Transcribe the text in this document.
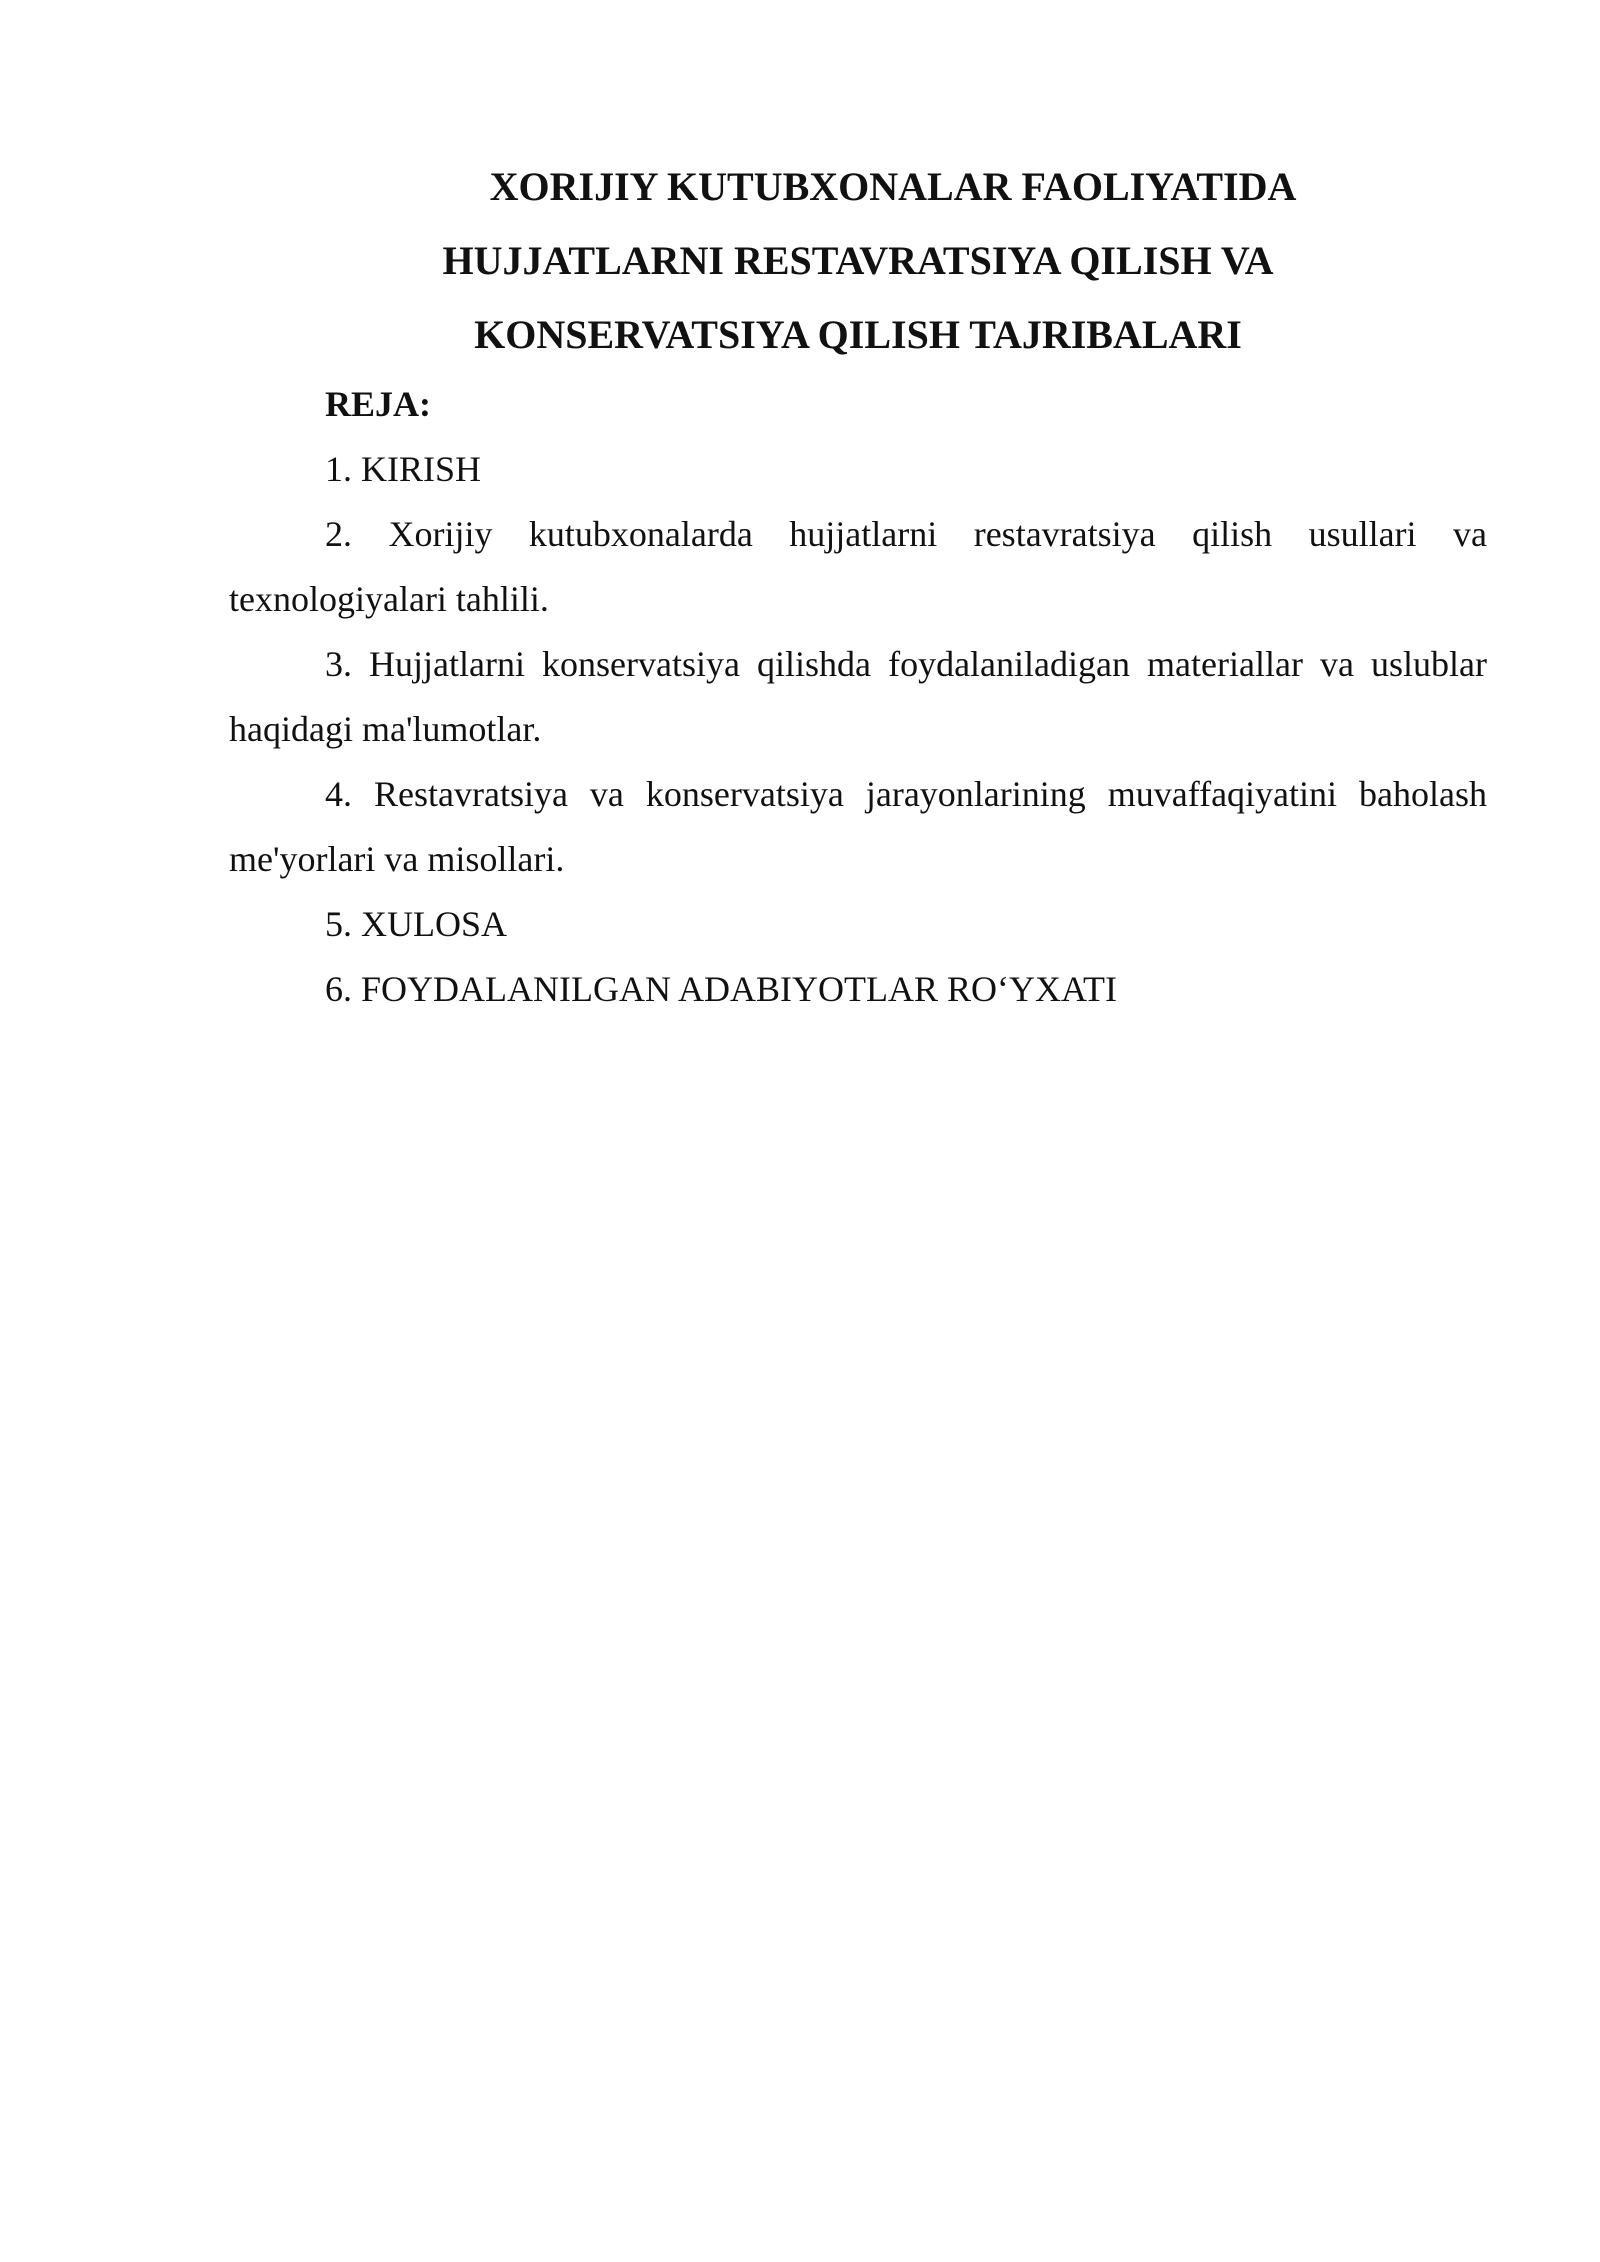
XORIJIY KUTUBXONALAR FAOLIYATIDA
HUJJATLARNI RESTAVRATSIYA QILISH VA
KONSERVATSIYA QILISH TAJRIBALARI

REJA:

1. KIRISH
2. Xorijiy kutubxonalarda hujjatlarni restavratsiya qilish usullari va texnologiyalari tahlili.
3. Hujjatlarni konservatsiya qilishda foydalaniladigan materiallar va uslublar haqidagi ma'lumotlar.
4. Restavratsiya va konservatsiya jarayonlarining muvaffaqiyatini baholash me'yorlari va misollari.
5. XULOSA
6. FOYDALANILGAN ADABIYOTLAR RO‘YXATI
